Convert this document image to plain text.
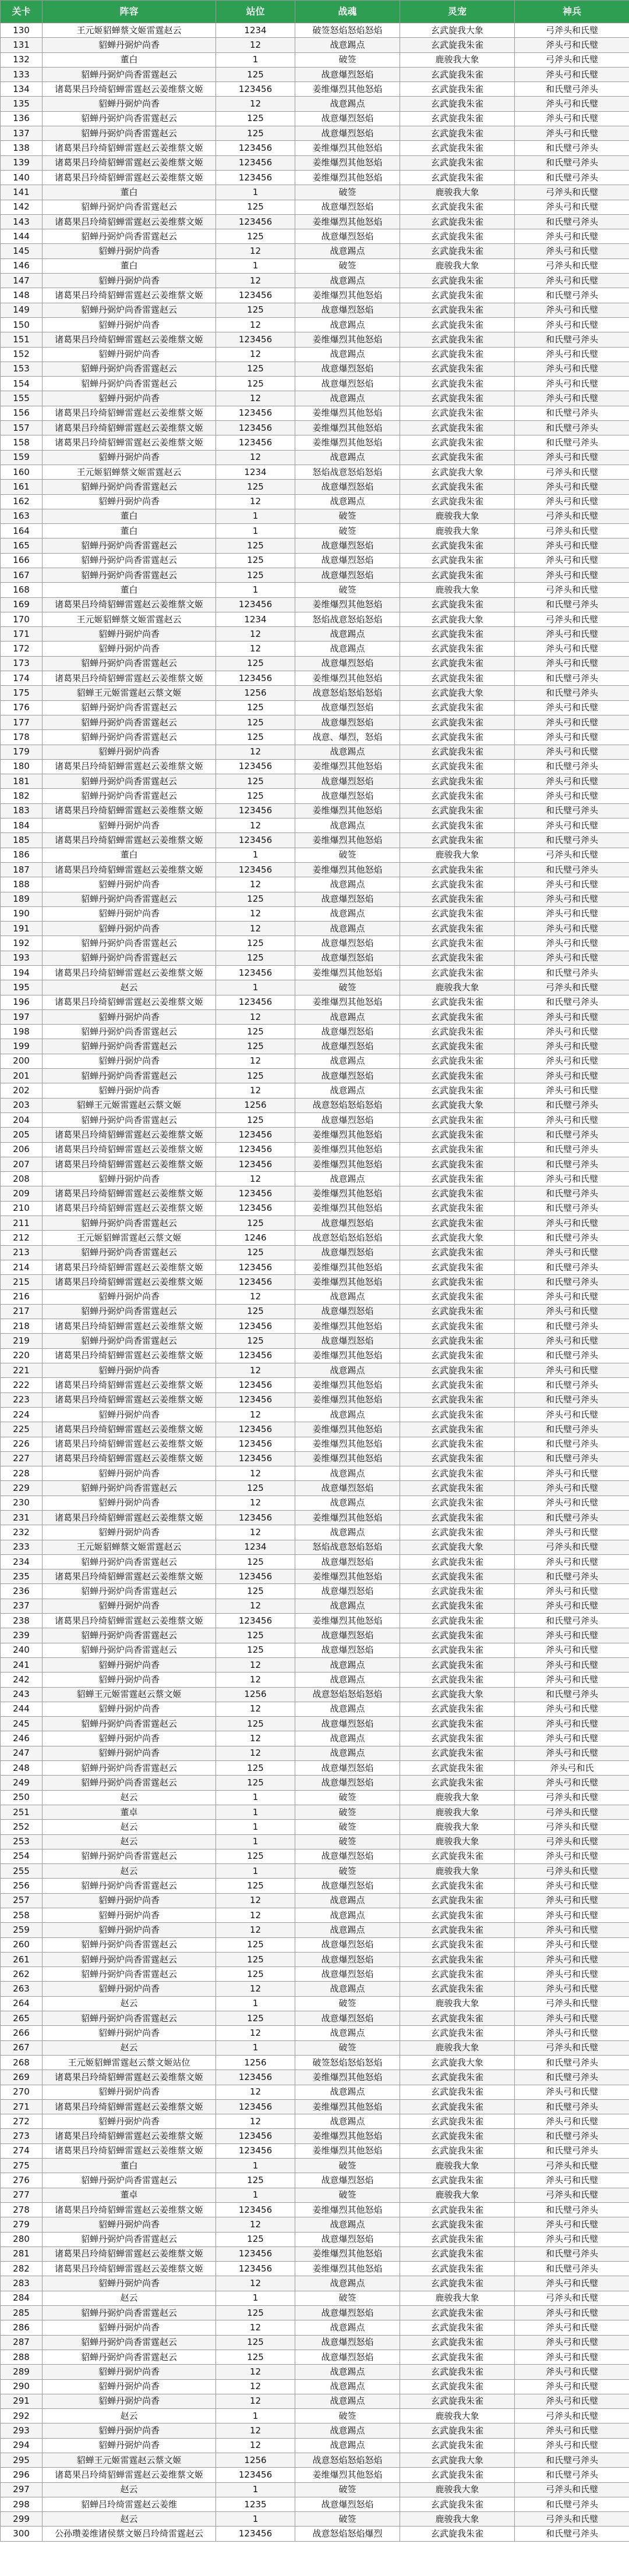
关卡	阵容	站位	战魂	灵宠	神兵
130	王元姬貂蝉蔡文姬雷霆赵云	1234	破签怒焰怒焰怒焰	玄武旋我大象	弓斧头和氏璧
131	貂蝉丹弼炉尚香	12	战意踢点	玄武旋我朱雀	斧头弓和氏璧
132	董白	1	破签	鹿骏我大象	弓斧头和氏璧
133	貂蝉丹弼炉尚香雷霆赵云	125	战意爆烈怒焰	玄武旋我朱雀	斧头弓和氏璧
134	诸葛果吕玲绮貂蝉雷霆赵云姜维蔡文姬	123456	姜维爆烈其他怒焰	玄武旋我朱雀	和氏璧弓斧头
135	貂蝉丹弼炉尚香	12	战意踢点	玄武旋我朱雀	斧头弓和氏璧
136	貂蝉丹弼炉尚香雷霆赵云	125	战意爆烈怒焰	玄武旋我朱雀	斧头弓和氏璧
137	貂蝉丹弼炉尚香雷霆赵云	125	战意爆烈怒焰	玄武旋我朱雀	斧头弓和氏璧
138	诸葛果吕玲绮貂蝉雷霆赵云姜维蔡文姬	123456	姜维爆烈其他怒焰	玄武旋我朱雀	和氏璧弓斧头
139	诸葛果吕玲绮貂蝉雷霆赵云姜维蔡文姬	123456	姜维爆烈其他怒焰	玄武旋我朱雀	和氏璧弓斧头
140	诸葛果吕玲绮貂蝉雷霆赵云姜维蔡文姬	123456	姜维爆烈其他怒焰	玄武旋我朱雀	和氏璧弓斧头
141	董白	1	破签	鹿骏我大象	弓斧头和氏璧
142	貂蝉丹弼炉尚香雷霆赵云	125	战意爆烈怒焰	玄武旋我朱雀	斧头弓和氏璧
143	诸葛果吕玲绮貂蝉雷霆赵云姜维蔡文姬	123456	姜维爆烈其他怒焰	玄武旋我朱雀	和氏璧弓斧头
144	貂蝉丹弼炉尚香雷霆赵云	125	战意爆烈怒焰	玄武旋我朱雀	斧头弓和氏璧
145	貂蝉丹弼炉尚香	12	战意踢点	玄武旋我朱雀	斧头弓和氏璧
146	董白	1	破签	鹿骏我大象	弓斧头和氏璧
147	貂蝉丹弼炉尚香	12	战意踢点	玄武旋我朱雀	斧头弓和氏璧
148	诸葛果吕玲绮貂蝉雷霆赵云姜维蔡文姬	123456	姜维爆烈其他怒焰	玄武旋我朱雀	和氏璧弓斧头
149	貂蝉丹弼炉尚香雷霆赵云	125	战意爆烈怒焰	玄武旋我朱雀	斧头弓和氏璧
150	貂蝉丹弼炉尚香	12	战意踢点	玄武旋我朱雀	斧头弓和氏璧
151	诸葛果吕玲绮貂蝉雷霆赵云姜维蔡文姬	123456	姜维爆烈其他怒焰	玄武旋我朱雀	和氏璧弓斧头
152	貂蝉丹弼炉尚香	12	战意踢点	玄武旋我朱雀	斧头弓和氏璧
153	貂蝉丹弼炉尚香雷霆赵云	125	战意爆烈怒焰	玄武旋我朱雀	斧头弓和氏璧
154	貂蝉丹弼炉尚香雷霆赵云	125	战意爆烈怒焰	玄武旋我朱雀	斧头弓和氏璧
155	貂蝉丹弼炉尚香	12	战意踢点	玄武旋我朱雀	斧头弓和氏璧
156	诸葛果吕玲绮貂蝉雷霆赵云姜维蔡文姬	123456	姜维爆烈其他怒焰	玄武旋我朱雀	和氏璧弓斧头
157	诸葛果吕玲绮貂蝉雷霆赵云姜维蔡文姬	123456	姜维爆烈其他怒焰	玄武旋我朱雀	和氏璧弓斧头
158	诸葛果吕玲绮貂蝉雷霆赵云姜维蔡文姬	123456	姜维爆烈其他怒焰	玄武旋我朱雀	和氏璧弓斧头
159	貂蝉丹弼炉尚香	12	战意踢点	玄武旋我朱雀	斧头弓和氏璧
160	王元姬貂蝉蔡文姬雷霆赵云	1234	怒焰战意怒焰怒焰	玄武旋我大象	弓斧头和氏璧
161	貂蝉丹弼炉尚香雷霆赵云	125	战意爆烈怒焰	玄武旋我朱雀	斧头弓和氏璧
162	貂蝉丹弼炉尚香	12	战意踢点	玄武旋我朱雀	斧头弓和氏璧
163	董白	1	破签	鹿骏我大象	弓斧头和氏璧
164	董白	1	破签	鹿骏我大象	弓斧头和氏璧
165	貂蝉丹弼炉尚香雷霆赵云	125	战意爆烈怒焰	玄武旋我朱雀	斧头弓和氏璧
166	貂蝉丹弼炉尚香雷霆赵云	125	战意爆烈怒焰	玄武旋我朱雀	斧头弓和氏璧
167	貂蝉丹弼炉尚香雷霆赵云	125	战意爆烈怒焰	玄武旋我朱雀	斧头弓和氏璧
168	董白	1	破签	鹿骏我大象	弓斧头和氏璧
169	诸葛果吕玲绮貂蝉雷霆赵云姜维蔡文姬	123456	姜维爆烈其他怒焰	玄武旋我朱雀	和氏璧弓斧头
170	王元姬貂蝉蔡文姬雷霆赵云	1234	怒焰战意怒焰怒焰	玄武旋我大象	弓斧头和氏璧
171	貂蝉丹弼炉尚香	12	战意踢点	玄武旋我朱雀	斧头弓和氏璧
172	貂蝉丹弼炉尚香	12	战意踢点	玄武旋我朱雀	斧头弓和氏璧
173	貂蝉丹弼炉尚香雷霆赵云	125	战意爆烈怒焰	玄武旋我朱雀	斧头弓和氏璧
174	诸葛果吕玲绮貂蝉雷霆赵云姜维蔡文姬	123456	姜维爆烈其他怒焰	玄武旋我朱雀	和氏璧弓斧头
175	貂蝉王元姬雷霆赵云蔡文姬	1256	战意怒焰怒焰怒焰	玄武旋我大象	和氏璧弓斧头
176	貂蝉丹弼炉尚香雷霆赵云	125	战意爆烈怒焰	玄武旋我朱雀	斧头弓和氏璧
177	貂蝉丹弼炉尚香雷霆赵云	125	战意爆烈怒焰	玄武旋我朱雀	斧头弓和氏璧
178	貂蝉丹弼炉尚香雷霆赵云	125	战意、爆烈，怒焰	玄武旋我朱雀	斧头弓和氏璧
179	貂蝉丹弼炉尚香	12	战意踢点	玄武旋我朱雀	斧头弓和氏璧
180	诸葛果吕玲绮貂蝉雷霆赵云姜维蔡文姬	123456	姜维爆烈其他怒焰	玄武旋我朱雀	和氏璧弓斧头
181	貂蝉丹弼炉尚香雷霆赵云	125	战意爆烈怒焰	玄武旋我朱雀	斧头弓和氏璧
182	貂蝉丹弼炉尚香雷霆赵云	125	战意爆烈怒焰	玄武旋我朱雀	斧头弓和氏璧
183	诸葛果吕玲绮貂蝉雷霆赵云姜维蔡文姬	123456	姜维爆烈其他怒焰	玄武旋我朱雀	和氏璧弓斧头
184	貂蝉丹弼炉尚香	12	战意踢点	玄武旋我朱雀	斧头弓和氏璧
185	诸葛果吕玲绮貂蝉雷霆赵云姜维蔡文姬	123456	姜维爆烈其他怒焰	玄武旋我朱雀	和氏璧弓斧头
186	董白	1	破签	鹿骏我大象	弓斧头和氏璧
187	诸葛果吕玲绮貂蝉雷霆赵云姜维蔡文姬	123456	姜维爆烈其他怒焰	玄武旋我朱雀	和氏璧弓斧头
188	貂蝉丹弼炉尚香	12	战意踢点	玄武旋我朱雀	斧头弓和氏璧
189	貂蝉丹弼炉尚香雷霆赵云	125	战意爆烈怒焰	玄武旋我朱雀	斧头弓和氏璧
190	貂蝉丹弼炉尚香	12	战意踢点	玄武旋我朱雀	斧头弓和氏璧
191	貂蝉丹弼炉尚香	12	战意踢点	玄武旋我朱雀	斧头弓和氏璧
192	貂蝉丹弼炉尚香雷霆赵云	125	战意爆烈怒焰	玄武旋我朱雀	斧头弓和氏璧
193	貂蝉丹弼炉尚香雷霆赵云	125	战意爆烈怒焰	玄武旋我朱雀	斧头弓和氏璧
194	诸葛果吕玲绮貂蝉雷霆赵云姜维蔡文姬	123456	姜维爆烈其他怒焰	玄武旋我朱雀	和氏璧弓斧头
195	赵云	1	破签	鹿骏我大象	弓斧头和氏璧
196	诸葛果吕玲绮貂蝉雷霆赵云姜维蔡文姬	123456	姜维爆烈其他怒焰	玄武旋我朱雀	和氏璧弓斧头
197	貂蝉丹弼炉尚香	12	战意踢点	玄武旋我朱雀	斧头弓和氏璧
198	貂蝉丹弼炉尚香雷霆赵云	125	战意爆烈怒焰	玄武旋我朱雀	斧头弓和氏璧
199	貂蝉丹弼炉尚香雷霆赵云	125	战意爆烈怒焰	玄武旋我朱雀	斧头弓和氏璧
200	貂蝉丹弼炉尚香	12	战意踢点	玄武旋我朱雀	斧头弓和氏璧
201	貂蝉丹弼炉尚香雷霆赵云	125	战意爆烈怒焰	玄武旋我朱雀	斧头弓和氏璧
202	貂蝉丹弼炉尚香	12	战意踢点	玄武旋我朱雀	斧头弓和氏璧
203	貂蝉王元姬雷霆赵云蔡文姬	1256	战意怒焰怒焰怒焰	玄武旋我大象	和氏璧弓斧头
204	貂蝉丹弼炉尚香雷霆赵云	125	战意爆烈怒焰	玄武旋我朱雀	斧头弓和氏璧
205	诸葛果吕玲绮貂蝉雷霆赵云姜维蔡文姬	123456	姜维爆烈其他怒焰	玄武旋我朱雀	和氏璧弓斧头
206	诸葛果吕玲绮貂蝉雷霆赵云姜维蔡文姬	123456	姜维爆烈其他怒焰	玄武旋我朱雀	和氏璧弓斧头
207	诸葛果吕玲绮貂蝉雷霆赵云姜维蔡文姬	123456	姜维爆烈其他怒焰	玄武旋我朱雀	和氏璧弓斧头
208	貂蝉丹弼炉尚香	12	战意踢点	玄武旋我朱雀	斧头弓和氏璧
209	诸葛果吕玲绮貂蝉雷霆赵云姜维蔡文姬	123456	姜维爆烈其他怒焰	玄武旋我朱雀	和氏璧弓斧头
210	诸葛果吕玲绮貂蝉雷霆赵云姜维蔡文姬	123456	姜维爆烈其他怒焰	玄武旋我朱雀	和氏璧弓斧头
211	貂蝉丹弼炉尚香雷霆赵云	125	战意爆烈怒焰	玄武旋我朱雀	斧头弓和氏璧
212	王元姬貂蝉雷霆赵云蔡文姬	1246	战意怒焰怒焰怒焰	玄武旋我大象	和氏璧弓斧头
213	貂蝉丹弼炉尚香雷霆赵云	125	战意爆烈怒焰	玄武旋我朱雀	斧头弓和氏璧
214	诸葛果吕玲绮貂蝉雷霆赵云姜维蔡文姬	123456	姜维爆烈其他怒焰	玄武旋我朱雀	和氏璧弓斧头
215	诸葛果吕玲绮貂蝉雷霆赵云姜维蔡文姬	123456	姜维爆烈其他怒焰	玄武旋我朱雀	和氏璧弓斧头
216	貂蝉丹弼炉尚香	12	战意踢点	玄武旋我朱雀	斧头弓和氏璧
217	貂蝉丹弼炉尚香雷霆赵云	125	战意爆烈怒焰	玄武旋我朱雀	斧头弓和氏璧
218	诸葛果吕玲绮貂蝉雷霆赵云姜维蔡文姬	123456	姜维爆烈其他怒焰	玄武旋我朱雀	和氏璧弓斧头
219	貂蝉丹弼炉尚香雷霆赵云	125	战意爆烈怒焰	玄武旋我朱雀	斧头弓和氏璧
220	诸葛果吕玲绮貂蝉雷霆赵云姜维蔡文姬	123456	姜维爆烈其他怒焰	玄武旋我朱雀	和氏璧弓斧头
221	貂蝉丹弼炉尚香	12	战意踢点	玄武旋我朱雀	斧头弓和氏璧
222	诸葛果吕玲绮貂蝉雷霆赵云姜维蔡文姬	123456	姜维爆烈其他怒焰	玄武旋我朱雀	和氏璧弓斧头
223	诸葛果吕玲绮貂蝉雷霆赵云姜维蔡文姬	123456	姜维爆烈其他怒焰	玄武旋我朱雀	和氏璧弓斧头
224	貂蝉丹弼炉尚香	12	战意踢点	玄武旋我朱雀	斧头弓和氏璧
225	诸葛果吕玲绮貂蝉雷霆赵云姜维蔡文姬	123456	姜维爆烈其他怒焰	玄武旋我朱雀	和氏璧弓斧头
226	诸葛果吕玲绮貂蝉雷霆赵云姜维蔡文姬	123456	姜维爆烈其他怒焰	玄武旋我朱雀	和氏璧弓斧头
227	诸葛果吕玲绮貂蝉雷霆赵云姜维蔡文姬	123456	姜维爆烈其他怒焰	玄武旋我朱雀	和氏璧弓斧头
228	貂蝉丹弼炉尚香	12	战意踢点	玄武旋我朱雀	斧头弓和氏璧
229	貂蝉丹弼炉尚香雷霆赵云	125	战意爆烈怒焰	玄武旋我朱雀	斧头弓和氏璧
230	貂蝉丹弼炉尚香	12	战意踢点	玄武旋我朱雀	斧头弓和氏璧
231	诸葛果吕玲绮貂蝉雷霆赵云姜维蔡文姬	123456	姜维爆烈其他怒焰	玄武旋我朱雀	和氏璧弓斧头
232	貂蝉丹弼炉尚香	12	战意踢点	玄武旋我朱雀	斧头弓和氏璧
233	王元姬貂蝉蔡文姬雷霆赵云	1234	怒焰战意怒焰怒焰	玄武旋我大象	弓斧头和氏璧
234	貂蝉丹弼炉尚香雷霆赵云	125	战意爆烈怒焰	玄武旋我朱雀	斧头弓和氏璧
235	诸葛果吕玲绮貂蝉雷霆赵云姜维蔡文姬	123456	姜维爆烈其他怒焰	玄武旋我朱雀	和氏璧弓斧头
236	貂蝉丹弼炉尚香雷霆赵云	125	战意爆烈怒焰	玄武旋我朱雀	斧头弓和氏璧
237	貂蝉丹弼炉尚香	12	战意踢点	玄武旋我朱雀	斧头弓和氏璧
238	诸葛果吕玲绮貂蝉雷霆赵云姜维蔡文姬	123456	姜维爆烈其他怒焰	玄武旋我朱雀	和氏璧弓斧头
239	貂蝉丹弼炉尚香雷霆赵云	125	战意爆烈怒焰	玄武旋我朱雀	斧头弓和氏璧
240	貂蝉丹弼炉尚香雷霆赵云	125	战意爆烈怒焰	玄武旋我朱雀	斧头弓和氏璧
241	貂蝉丹弼炉尚香	12	战意踢点	玄武旋我朱雀	斧头弓和氏璧
242	貂蝉丹弼炉尚香	12	战意踢点	玄武旋我朱雀	斧头弓和氏璧
243	貂蝉王元姬雷霆赵云蔡文姬	1256	战意怒焰怒焰怒焰	玄武旋我大象	和氏璧弓斧头
244	貂蝉丹弼炉尚香	12	战意踢点	玄武旋我朱雀	斧头弓和氏璧
245	貂蝉丹弼炉尚香雷霆赵云	125	战意爆烈怒焰	玄武旋我朱雀	斧头弓和氏璧
246	貂蝉丹弼炉尚香	12	战意踢点	玄武旋我朱雀	斧头弓和氏璧
247	貂蝉丹弼炉尚香	12	战意踢点	玄武旋我朱雀	斧头弓和氏璧
248	貂蝉丹弼炉尚香雷霆赵云	125	战意爆烈怒焰	玄武旋我朱雀	斧头弓和氏
249	貂蝉丹弼炉尚香雷霆赵云	125	战意爆烈怒焰	玄武旋我朱雀	斧头弓和氏璧
250	赵云	1	破签	鹿骏我大象	弓斧头和氏璧
251	董卓	1	破签	鹿骏我大象	弓斧头和氏璧
252	赵云	1	破签	鹿骏我大象	弓斧头和氏璧
253	赵云	1	破签	鹿骏我大象	弓斧头和氏璧
254	貂蝉丹弼炉尚香雷霆赵云	125	战意爆烈怒焰	玄武旋我朱雀	斧头弓和氏璧
255	赵云	1	破签	鹿骏我大象	弓斧头和氏璧
256	貂蝉丹弼炉尚香雷霆赵云	125	战意爆烈怒焰	玄武旋我朱雀	斧头弓和氏璧
257	貂蝉丹弼炉尚香	12	战意踢点	玄武旋我朱雀	斧头弓和氏璧
258	貂蝉丹弼炉尚香	12	战意踢点	玄武旋我朱雀	斧头弓和氏璧
259	貂蝉丹弼炉尚香	12	战意踢点	玄武旋我朱雀	斧头弓和氏璧
260	貂蝉丹弼炉尚香雷霆赵云	125	战意爆烈怒焰	玄武旋我朱雀	斧头弓和氏璧
261	貂蝉丹弼炉尚香雷霆赵云	125	战意爆烈怒焰	玄武旋我朱雀	斧头弓和氏璧
262	貂蝉丹弼炉尚香雷霆赵云	125	战意爆烈怒焰	玄武旋我朱雀	斧头弓和氏璧
263	貂蝉丹弼炉尚香	12	战意踢点	玄武旋我朱雀	斧头弓和氏璧
264	赵云	1	破签	鹿骏我大象	弓斧头和氏璧
265	貂蝉丹弼炉尚香雷霆赵云	125	战意爆烈怒焰	玄武旋我朱雀	斧头弓和氏璧
266	貂蝉丹弼炉尚香	12	战意踢点	玄武旋我朱雀	斧头弓和氏璧
267	赵云	1	破签	鹿骏我大象	弓斧头和氏璧
268	王元姬貂蝉雷霆赵云蔡文姬站位	1256	破签怒焰怒焰怒焰	玄武旋我大象	和氏璧弓斧头
269	诸葛果吕玲绮貂蝉雷霆赵云姜维蔡文姬	123456	姜维爆烈其他怒焰	玄武旋我朱雀	和氏璧弓斧头
270	貂蝉丹弼炉尚香	12	战意踢点	玄武旋我朱雀	斧头弓和氏璧
271	诸葛果吕玲绮貂蝉雷霆赵云姜维蔡文姬	123456	姜维爆烈其他怒焰	玄武旋我朱雀	和氏璧弓斧头
272	貂蝉丹弼炉尚香	12	战意踢点	玄武旋我朱雀	斧头弓和氏璧
273	诸葛果吕玲绮貂蝉雷霆赵云姜维蔡文姬	123456	姜维爆烈其他怒焰	玄武旋我朱雀	和氏璧弓斧头
274	诸葛果吕玲绮貂蝉雷霆赵云姜维蔡文姬	123456	姜维爆烈其他怒焰	玄武旋我朱雀	和氏璧弓斧头
275	董白	1	破签	鹿骏我大象	弓斧头和氏璧
276	貂蝉丹弼炉尚香雷霆赵云	125	战意爆烈怒焰	玄武旋我朱雀	斧头弓和氏璧
277	董卓	1	破签	鹿骏我大象	弓斧头和氏璧
278	诸葛果吕玲绮貂蝉雷霆赵云姜维蔡文姬	123456	姜维爆烈其他怒焰	玄武旋我朱雀	和氏璧弓斧头
279	貂蝉丹弼炉尚香	12	战意踢点	玄武旋我朱雀	斧头弓和氏璧
280	貂蝉丹弼炉尚香雷霆赵云	125	战意爆烈怒焰	玄武旋我朱雀	斧头弓和氏璧
281	诸葛果吕玲绮貂蝉雷霆赵云姜维蔡文姬	123456	姜维爆烈其他怒焰	玄武旋我朱雀	和氏璧弓斧头
282	诸葛果吕玲绮貂蝉雷霆赵云姜维蔡文姬	123456	姜维爆烈其他怒焰	玄武旋我朱雀	和氏璧弓斧头
283	貂蝉丹弼炉尚香	12	战意踢点	玄武旋我朱雀	斧头弓和氏璧
284	赵云	1	破签	鹿骏我大象	弓斧头和氏璧
285	貂蝉丹弼炉尚香雷霆赵云	125	战意爆烈怒焰	玄武旋我朱雀	斧头弓和氏璧
286	貂蝉丹弼炉尚香	12	战意踢点	玄武旋我朱雀	斧头弓和氏璧
287	貂蝉丹弼炉尚香雷霆赵云	125	战意爆烈怒焰	玄武旋我朱雀	斧头弓和氏璧
288	貂蝉丹弼炉尚香雷霆赵云	125	战意爆烈怒焰	玄武旋我朱雀	斧头弓和氏璧
289	貂蝉丹弼炉尚香	12	战意踢点	玄武旋我朱雀	斧头弓和氏璧
290	貂蝉丹弼炉尚香	12	战意踢点	玄武旋我朱雀	斧头弓和氏璧
291	貂蝉丹弼炉尚香	12	战意踢点	玄武旋我朱雀	斧头弓和氏璧
292	赵云	1	破签	鹿骏我大象	弓斧头和氏璧
293	貂蝉丹弼炉尚香	12	战意踢点	玄武旋我朱雀	斧头弓和氏璧
294	貂蝉丹弼炉尚香	12	战意踢点	玄武旋我朱雀	斧头弓和氏璧
295	貂蝉王元姬雷霆赵云蔡文姬	1256	战意怒焰怒焰怒焰	玄武旋我大象	和氏璧弓斧头
296	诸葛果吕玲绮貂蝉雷霆赵云姜维蔡文姬	123456	姜维爆烈其他怒焰	玄武旋我朱雀	和氏璧弓斧头
297	赵云	1	破签	鹿骏我大象	弓斧头和氏璧
298	貂蝉吕玲绮雷霆赵云姜维	1235	战意爆烈怒焰	玄武旋我朱雀	和氏璧弓斧头
299	赵云	1	破签	鹿骏我大象	弓斧头和氏璧
300	公孙瓒姜维诸侯蔡文姬吕玲绮雷霆赵云	123456	战意怒焰怒焰爆烈	玄武旋我朱雀	和氏璧弓斧头
